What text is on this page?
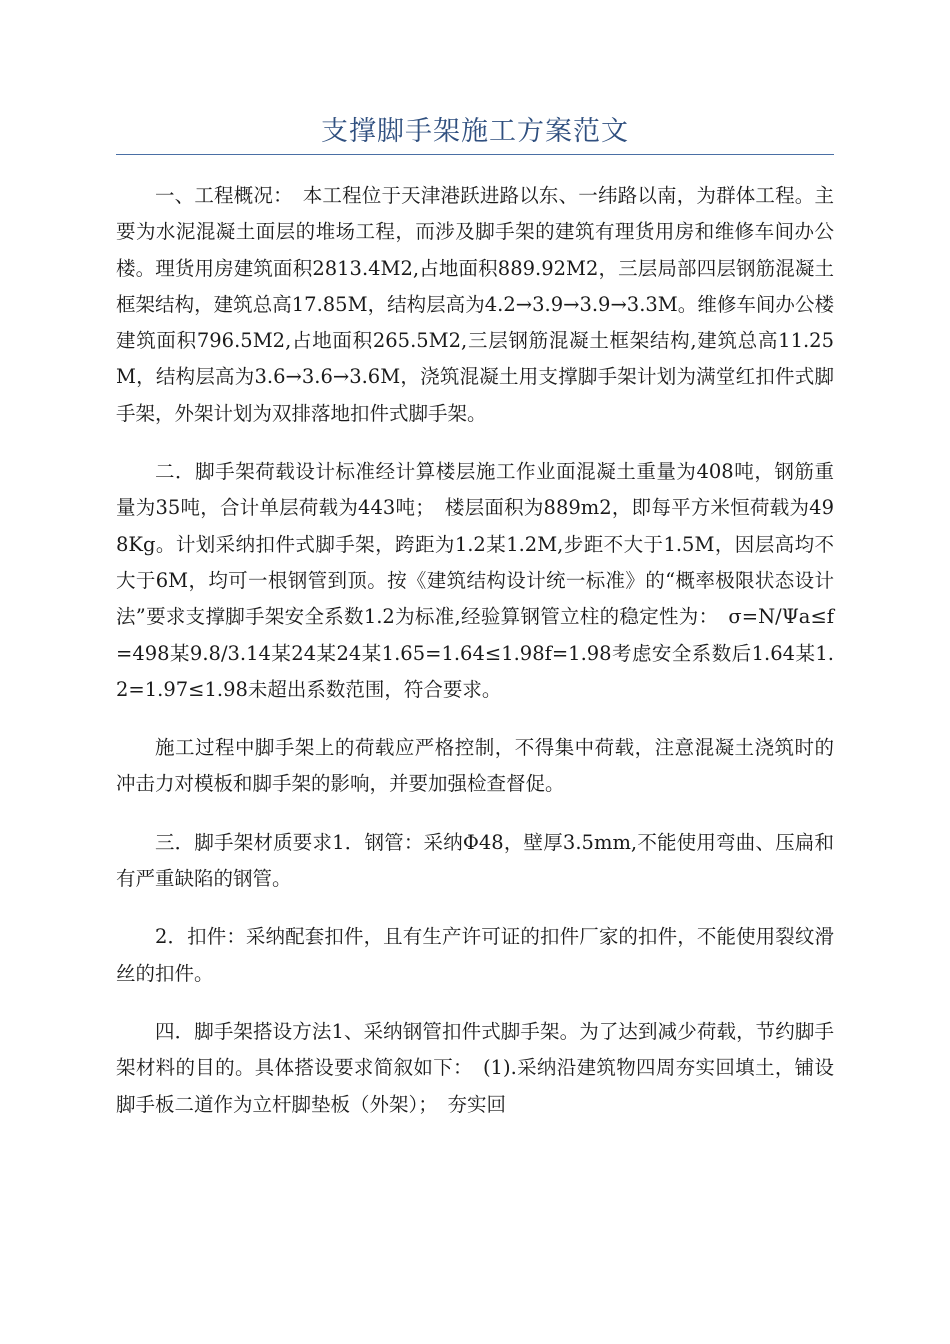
支撑脚手架施工方案范文

一、工程概况：　本工程位于天津港跃进路以东、一纬路以南，为群体工程。主要为水泥混凝土面层的堆场工程，而涉及脚手架的建筑有理货用房和维修车间办公楼。理货用房建筑面积2813.4M2,占地面积889.92M2，三层局部四层钢筋混凝土框架结构，建筑总高17.85M，结构层高为4.2→3.9→3.9→3.3M。维修车间办公楼建筑面积796.5M2,占地面积265.5M2,三层钢筋混凝土框架结构,建筑总高11.25M，结构层高为3.6→3.6→3.6M，浇筑混凝土用支撑脚手架计划为满堂红扣件式脚手架，外架计划为双排落地扣件式脚手架。

二．脚手架荷载设计标准经计算楼层施工作业面混凝土重量为408吨，钢筋重量为35吨，合计单层荷载为443吨；　楼层面积为889m2，即每平方米恒荷载为498Kg。计划采纳扣件式脚手架，跨距为1.2某1.2M,步距不大于1.5M，因层高均不大于6M，均可一根钢管到顶。按《建筑结构设计统一标准》的“概率极限状态设计法”要求支撑脚手架安全系数1.2为标准,经验算钢管立柱的稳定性为：　σ=N/Ψa≤f=498某9.8/3.14某24某24某1.65=1.64≤1.98f=1.98考虑安全系数后1.64某1.2=1.97≤1.98未超出系数范围，符合要求。

施工过程中脚手架上的荷载应严格控制，不得集中荷载，注意混凝土浇筑时的冲击力对模板和脚手架的影响，并要加强检查督促。

三．脚手架材质要求1．钢管：采纳Φ48，壁厚3.5mm,不能使用弯曲、压扁和有严重缺陷的钢管。

2．扣件：采纳配套扣件，且有生产许可证的扣件厂家的扣件，不能使用裂纹滑丝的扣件。

四．脚手架搭设方法1、采纳钢管扣件式脚手架。为了达到减少荷载，节约脚手架材料的目的。具体搭设要求简叙如下：　(1).采纳沿建筑物四周夯实回填土，铺设脚手板二道作为立杆脚垫板（外架）；　夯实回
